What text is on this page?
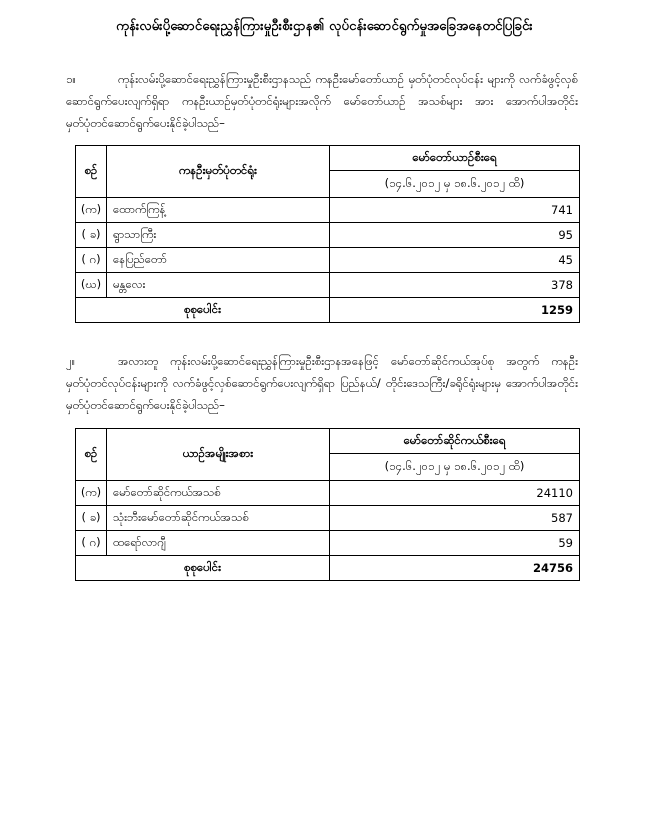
ကုန်းလမ်းပို့ဆောင်ရေးညွှန်ကြားမှုဦးစီးဌာန၏ လုပ်ငန်းဆောင်ရွက်မှုအခြေအနေတင်ပြခြင်း
၁။	ကုန်းလမ်းပို့ဆောင်ရေးညွှန်ကြားမှုဦးစီးဌာနသည် ကနဦးမော်တော်ယာဉ် မှတ်ပုံတင်လုပ်ငန်း များကို လက်ခံဖွင့်လှစ်ဆောင်ရွက်ပေးလျက်ရှိရာ ကနဦးယာဉ်မှတ်ပုံတင်ရုံးများအလိုက် မော်တော်ယာဉ် အသစ်များ အား အောက်ပါအတိုင်း မှတ်ပုံတင်ဆောင်ရွက်ပေးနိုင်ခဲ့ပါသည်–
စဉ်	ကနဦးမှတ်ပုံတင်ရုံး	မော်တော်ယာဉ်စီးရေ
		(၁၄.၆.၂၀၁၂ မှ ၁၈.၆.၂၀၁၂ ထိ)
(က)	ထောက်ကြန့်	741
( ခ)	ရွာသာကြီး	95
( ဂ)	နေပြည်တော်	45
(ဃ)	မန္တလေး	378
စုစုပေါင်း		1259
၂။	အလားတူ ကုန်းလမ်းပို့ဆောင်ရေးညွှန်ကြားမှုဦးစီးဌာနအနေဖြင့် မော်တော်ဆိုင်ကယ်အုပ်စု အတွက် ကနဦးမှတ်ပုံတင်လုပ်ငန်းများကို လက်ခံဖွင့်လှစ်ဆောင်ရွက်ပေးလျက်ရှိရာ ပြည်နယ်/ တိုင်းဒေသကြီး/ခရိုင်ရုံးများမှ အောက်ပါအတိုင်း မှတ်ပုံတင်ဆောင်ရွက်ပေးနိုင်ခဲ့ပါသည်–
စဉ်	ယာဉ်အမျိုးအစား	မော်တော်ဆိုင်ကယ်စီးရေ
		(၁၄.၆.၂၀၁၂ မှ ၁၈.၆.၂၀၁၂ ထိ)
(က)	မော်တော်ဆိုင်ကယ်အသစ်	24110
( ခ)	သုံးဘီးမော်တော်ဆိုင်ကယ်အသစ်	587
( ဂ)	ထရော်လာဂျီ	59
စုစုပေါင်း		24756
